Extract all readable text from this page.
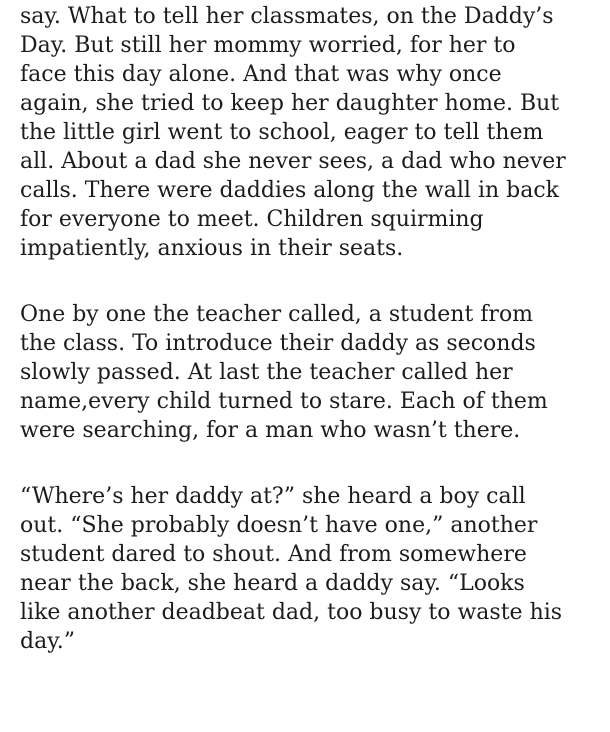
say. What to tell her classmates, on the Daddy’s
Day. But still her mommy worried, for her to
face this day alone. And that was why once
again, she tried to keep her daughter home. But
the little girl went to school, eager to tell them
all. About a dad she never sees, a dad who never
calls. There were daddies along the wall in back
for everyone to meet. Children squirming
impatiently, anxious in their seats.
One by one the teacher called, a student from
the class. To introduce their daddy as seconds
slowly passed. At last the teacher called her
name,every child turned to stare. Each of them
were searching, for a man who wasn’t there.
“Where’s her daddy at?” she heard a boy call
out. “She probably doesn’t have one,” another
student dared to shout. And from somewhere
near the back, she heard a daddy say. “Looks
like another deadbeat dad, too busy to waste his
day.”
